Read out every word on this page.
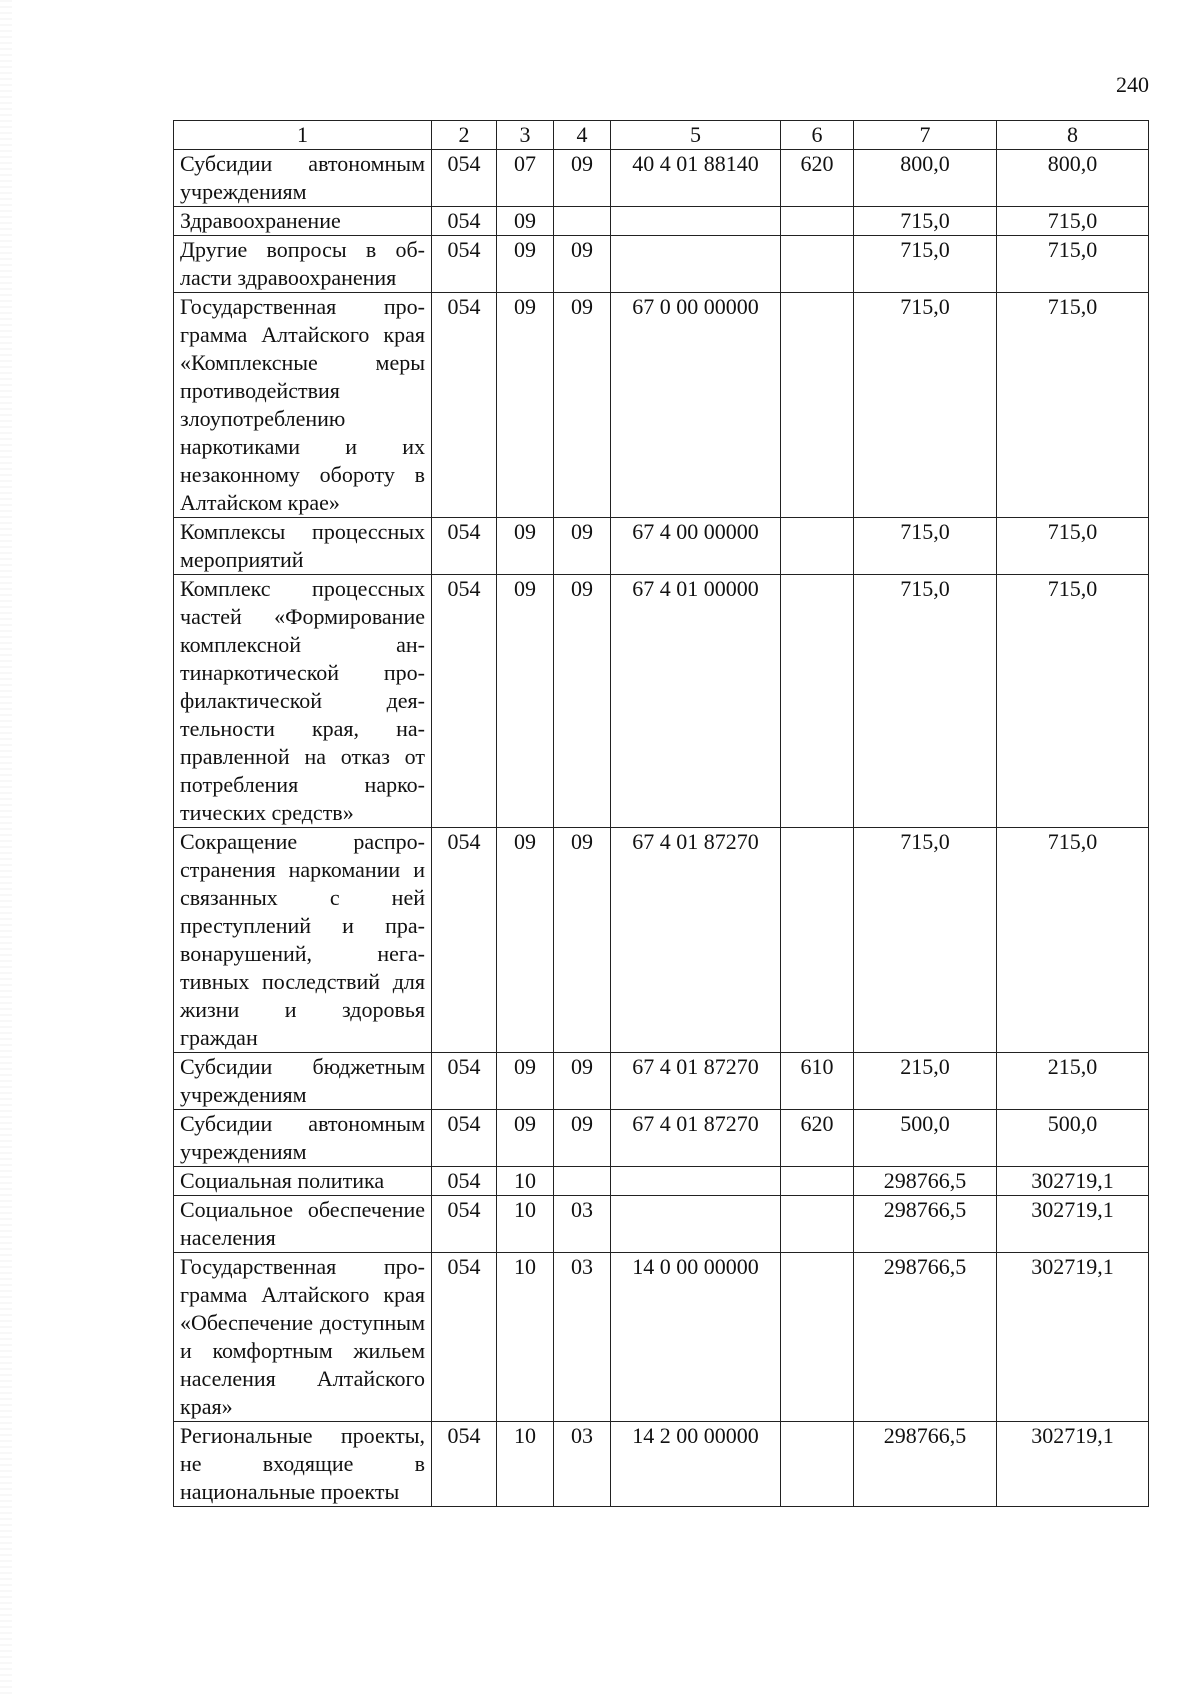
240
1	2	3	4	5	6	7	8
Субсидии автономным учреждениям	054	07	09	40 4 01 88140	620	800,0	800,0
Здравоохранение	054	09				715,0	715,0
Другие вопросы в области здравоохранения	054	09	09			715,0	715,0
Государственная программа Алтайского края «Комплексные меры противодействия злоупотреблению наркотиками и их незаконному обороту в Алтайском крае»	054	09	09	67 0 00 00000		715,0	715,0
Комплексы процессных мероприятий	054	09	09	67 4 00 00000		715,0	715,0
Комплекс процессных частей «Формирование комплексной антинаркотической профилактической деятельности края, направленной на отказ от потребления наркотических средств»	054	09	09	67 4 01 00000		715,0	715,0
Сокращение распространения наркомании и связанных с ней преступлений и правонарушений, негативных последствий для жизни и здоровья граждан	054	09	09	67 4 01 87270		715,0	715,0
Субсидии бюджетным учреждениям	054	09	09	67 4 01 87270	610	215,0	215,0
Субсидии автономным учреждениям	054	09	09	67 4 01 87270	620	500,0	500,0
Социальная политика	054	10				298766,5	302719,1
Социальное обеспечение населения	054	10	03			298766,5	302719,1
Государственная программа Алтайского края «Обеспечение доступным и комфортным жильем населения Алтайского края»	054	10	03	14 0 00 00000		298766,5	302719,1
Региональные проекты, не входящие в национальные проекты	054	10	03	14 2 00 00000		298766,5	302719,1
